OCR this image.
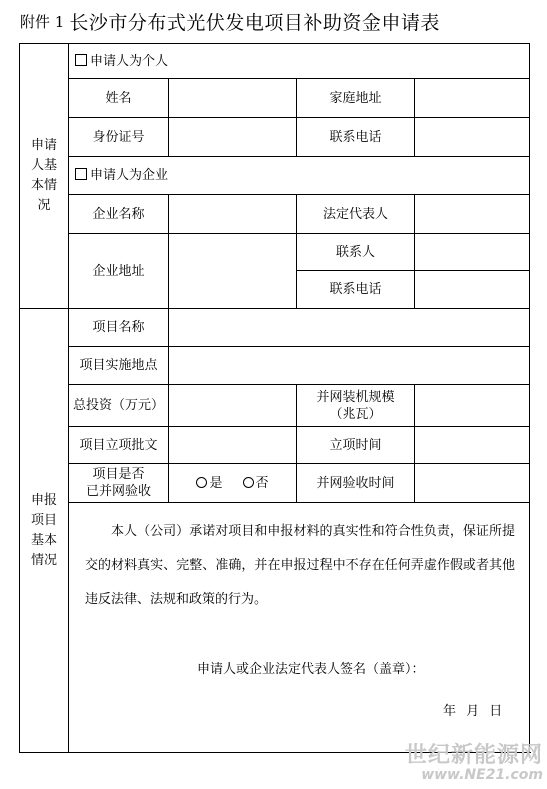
附件 1 长沙市分布式光伏发电项目补助资金申请表
申请
人基
本情
况	申请人为个人			
	姓名		家庭地址	
	身份证号		联系电话	
	申请人为企业			
	企业名称		法定代表人	
	企业地址		联系人	
			联系电话	
申报
项目
基本
情况	项目名称			
	项目实施地点			
	总投资（万元）		并网装机规模
（兆瓦）	
	项目立项批文		立项时间	
	项目是否
已并网验收	是 否	并网验收时间	

	本人（公司）承诺对项目和申报材料的真实性和符合性负责，保证所提交的材料真实、完整、准确，并在申报过程中不存在任何弄虚作假或者其他违反法律、法规和政策的行为。
申请人或企业法定代表人签名（盖章）：
年 月 日			
世纪新能源网
www.NE21.com
